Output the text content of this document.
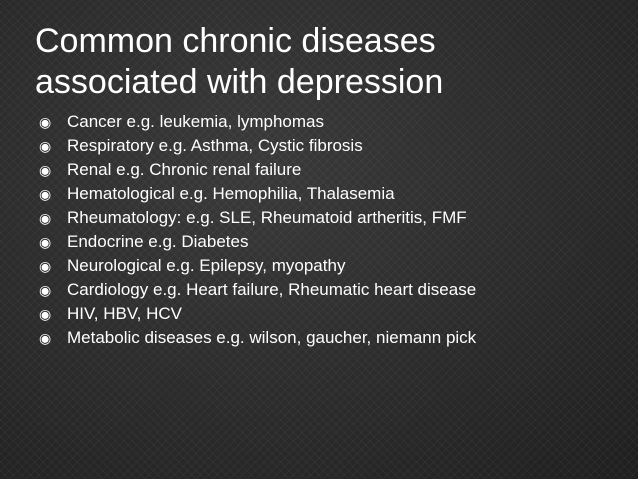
Common chronic diseases
associated with depression
◉ Cancer e.g. leukemia, lymphomas
◉ Respiratory e.g. Asthma, Cystic fibrosis
◉ Renal e.g. Chronic renal failure
◉ Hematological e.g. Hemophilia, Thalasemia
◉ Rheumatology: e.g. SLE, Rheumatoid artheritis, FMF
◉ Endocrine e.g. Diabetes
◉ Neurological e.g. Epilepsy, myopathy
◉ Cardiology e.g. Heart failure, Rheumatic heart disease
◉ HIV, HBV, HCV
◉ Metabolic diseases e.g. wilson, gaucher, niemann pick
